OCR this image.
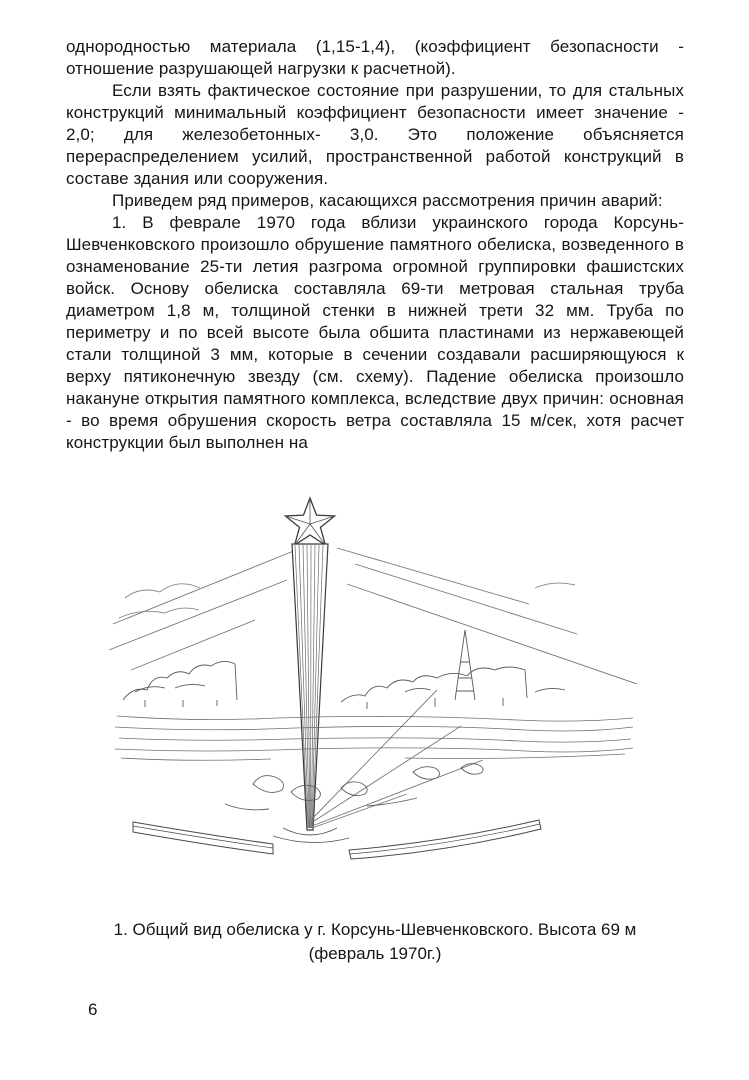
однородностью материала (1,15-1,4), (коэффициент безопасности - отношение разрушающей нагрузки к расчетной).

Если взять фактическое состояние при разрушении, то для стальных конструкций минимальный коэффициент безопасности имеет значение - 2,0; для железобетонных- 3,0. Это положение объясняется перераспределением усилий, пространственной работой конструкций в составе здания или сооружения.

Приведем ряд примеров, касающихся рассмотрения причин аварий:

1. В феврале 1970 года вблизи украинского города Корсунь-Шевченковского произошло обрушение памятного обелиска, возведенного в ознаменование 25-ти летия разгрома огромной группировки фашистских войск. Основу обелиска составляла 69-ти метровая стальная труба диаметром 1,8 м, толщиной стенки в нижней трети 32 мм. Труба по периметру и по всей высоте была обшита пластинами из нержавеющей стали толщиной 3 мм, которые в сечении создавали расширяющуюся к верху пятиконечную звезду (см. схему). Падение обелиска произошло накануне открытия памятного комплекса, вследствие двух причин: основная - во время обрушения скорость ветра составляла 15 м/сек, хотя расчет конструкции был выполнен на

1. Общий вид обелиска у г. Корсунь-Шевченковского. Высота 69 м
(февраль 1970г.)
6
